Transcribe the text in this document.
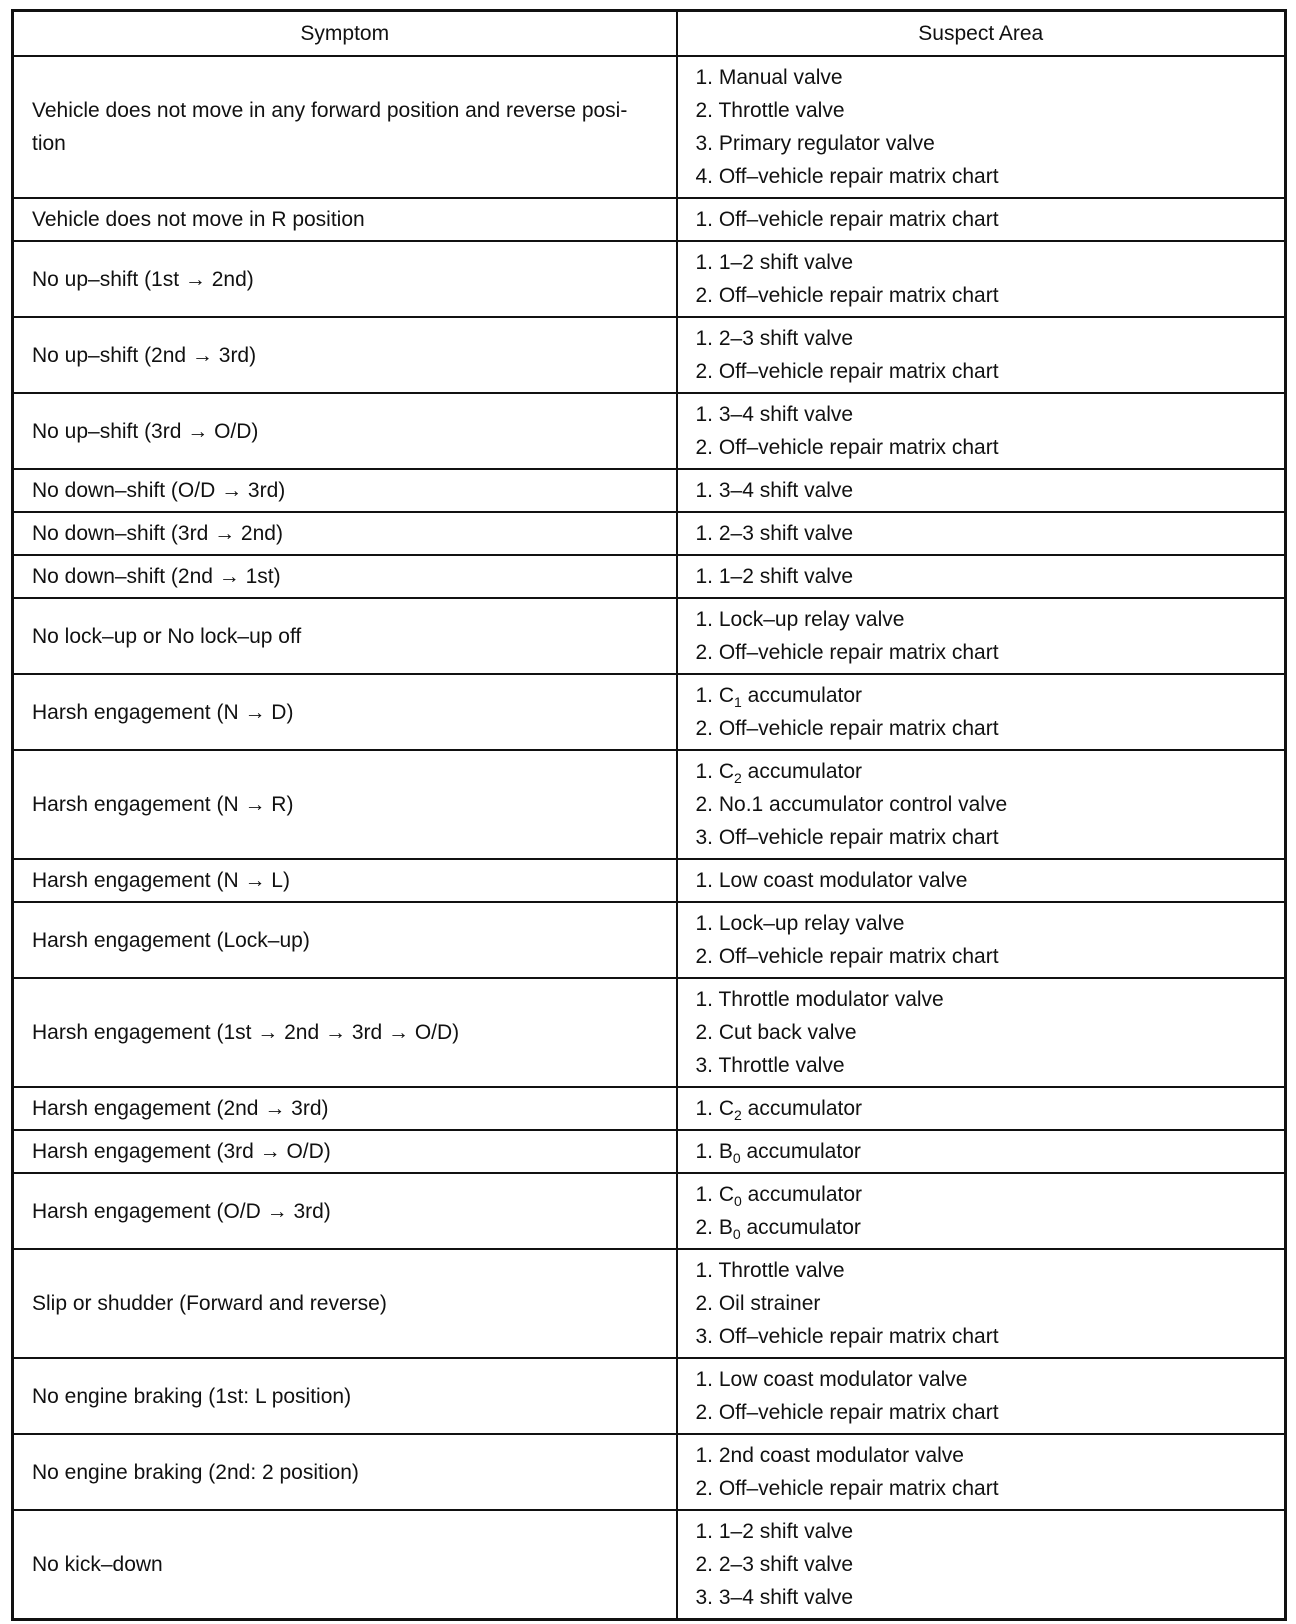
Symptom	Suspect Area

Vehicle does not move in any forward position and reverse posi-
tion	1. Manual valve
2. Throttle valve
3. Primary regulator valve
4. Off–vehicle repair matrix chart

Vehicle does not move in R position	1. Off–vehicle repair matrix chart

No up–shift (1st → 2nd)	1. 1–2 shift valve
2. Off–vehicle repair matrix chart

No up–shift (2nd → 3rd)	1. 2–3 shift valve
2. Off–vehicle repair matrix chart

No up–shift (3rd → O/D)	1. 3–4 shift valve
2. Off–vehicle repair matrix chart

No down–shift (O/D → 3rd)	1. 3–4 shift valve

No down–shift (3rd → 2nd)	1. 2–3 shift valve

No down–shift (2nd → 1st)	1. 1–2 shift valve

No lock–up or No lock–up off	1. Lock–up relay valve
2. Off–vehicle repair matrix chart

Harsh engagement (N → D)	1. $C_1$ accumulator
2. Off–vehicle repair matrix chart

Harsh engagement (N → R)	1. $C_2$ accumulator
2. No.1 accumulator control valve
3. Off–vehicle repair matrix chart

Harsh engagement (N → L)	1. Low coast modulator valve

Harsh engagement (Lock–up)	1. Lock–up relay valve
2. Off–vehicle repair matrix chart

Harsh engagement (1st → 2nd → 3rd → O/D)	1. Throttle modulator valve
2. Cut back valve
3. Throttle valve

Harsh engagement (2nd → 3rd)	1. $C_2$ accumulator

Harsh engagement (3rd → O/D)	1. $B_0$ accumulator

Harsh engagement (O/D → 3rd)	1. $C_0$ accumulator
2. $B_0$ accumulator

Slip or shudder (Forward and reverse)	1. Throttle valve
2. Oil strainer
3. Off–vehicle repair matrix chart

No engine braking (1st: L position)	1. Low coast modulator valve
2. Off–vehicle repair matrix chart

No engine braking (2nd: 2 position)	1. 2nd coast modulator valve
2. Off–vehicle repair matrix chart

No kick–down	1. 1–2 shift valve
2. 2–3 shift valve
3. 3–4 shift valve
